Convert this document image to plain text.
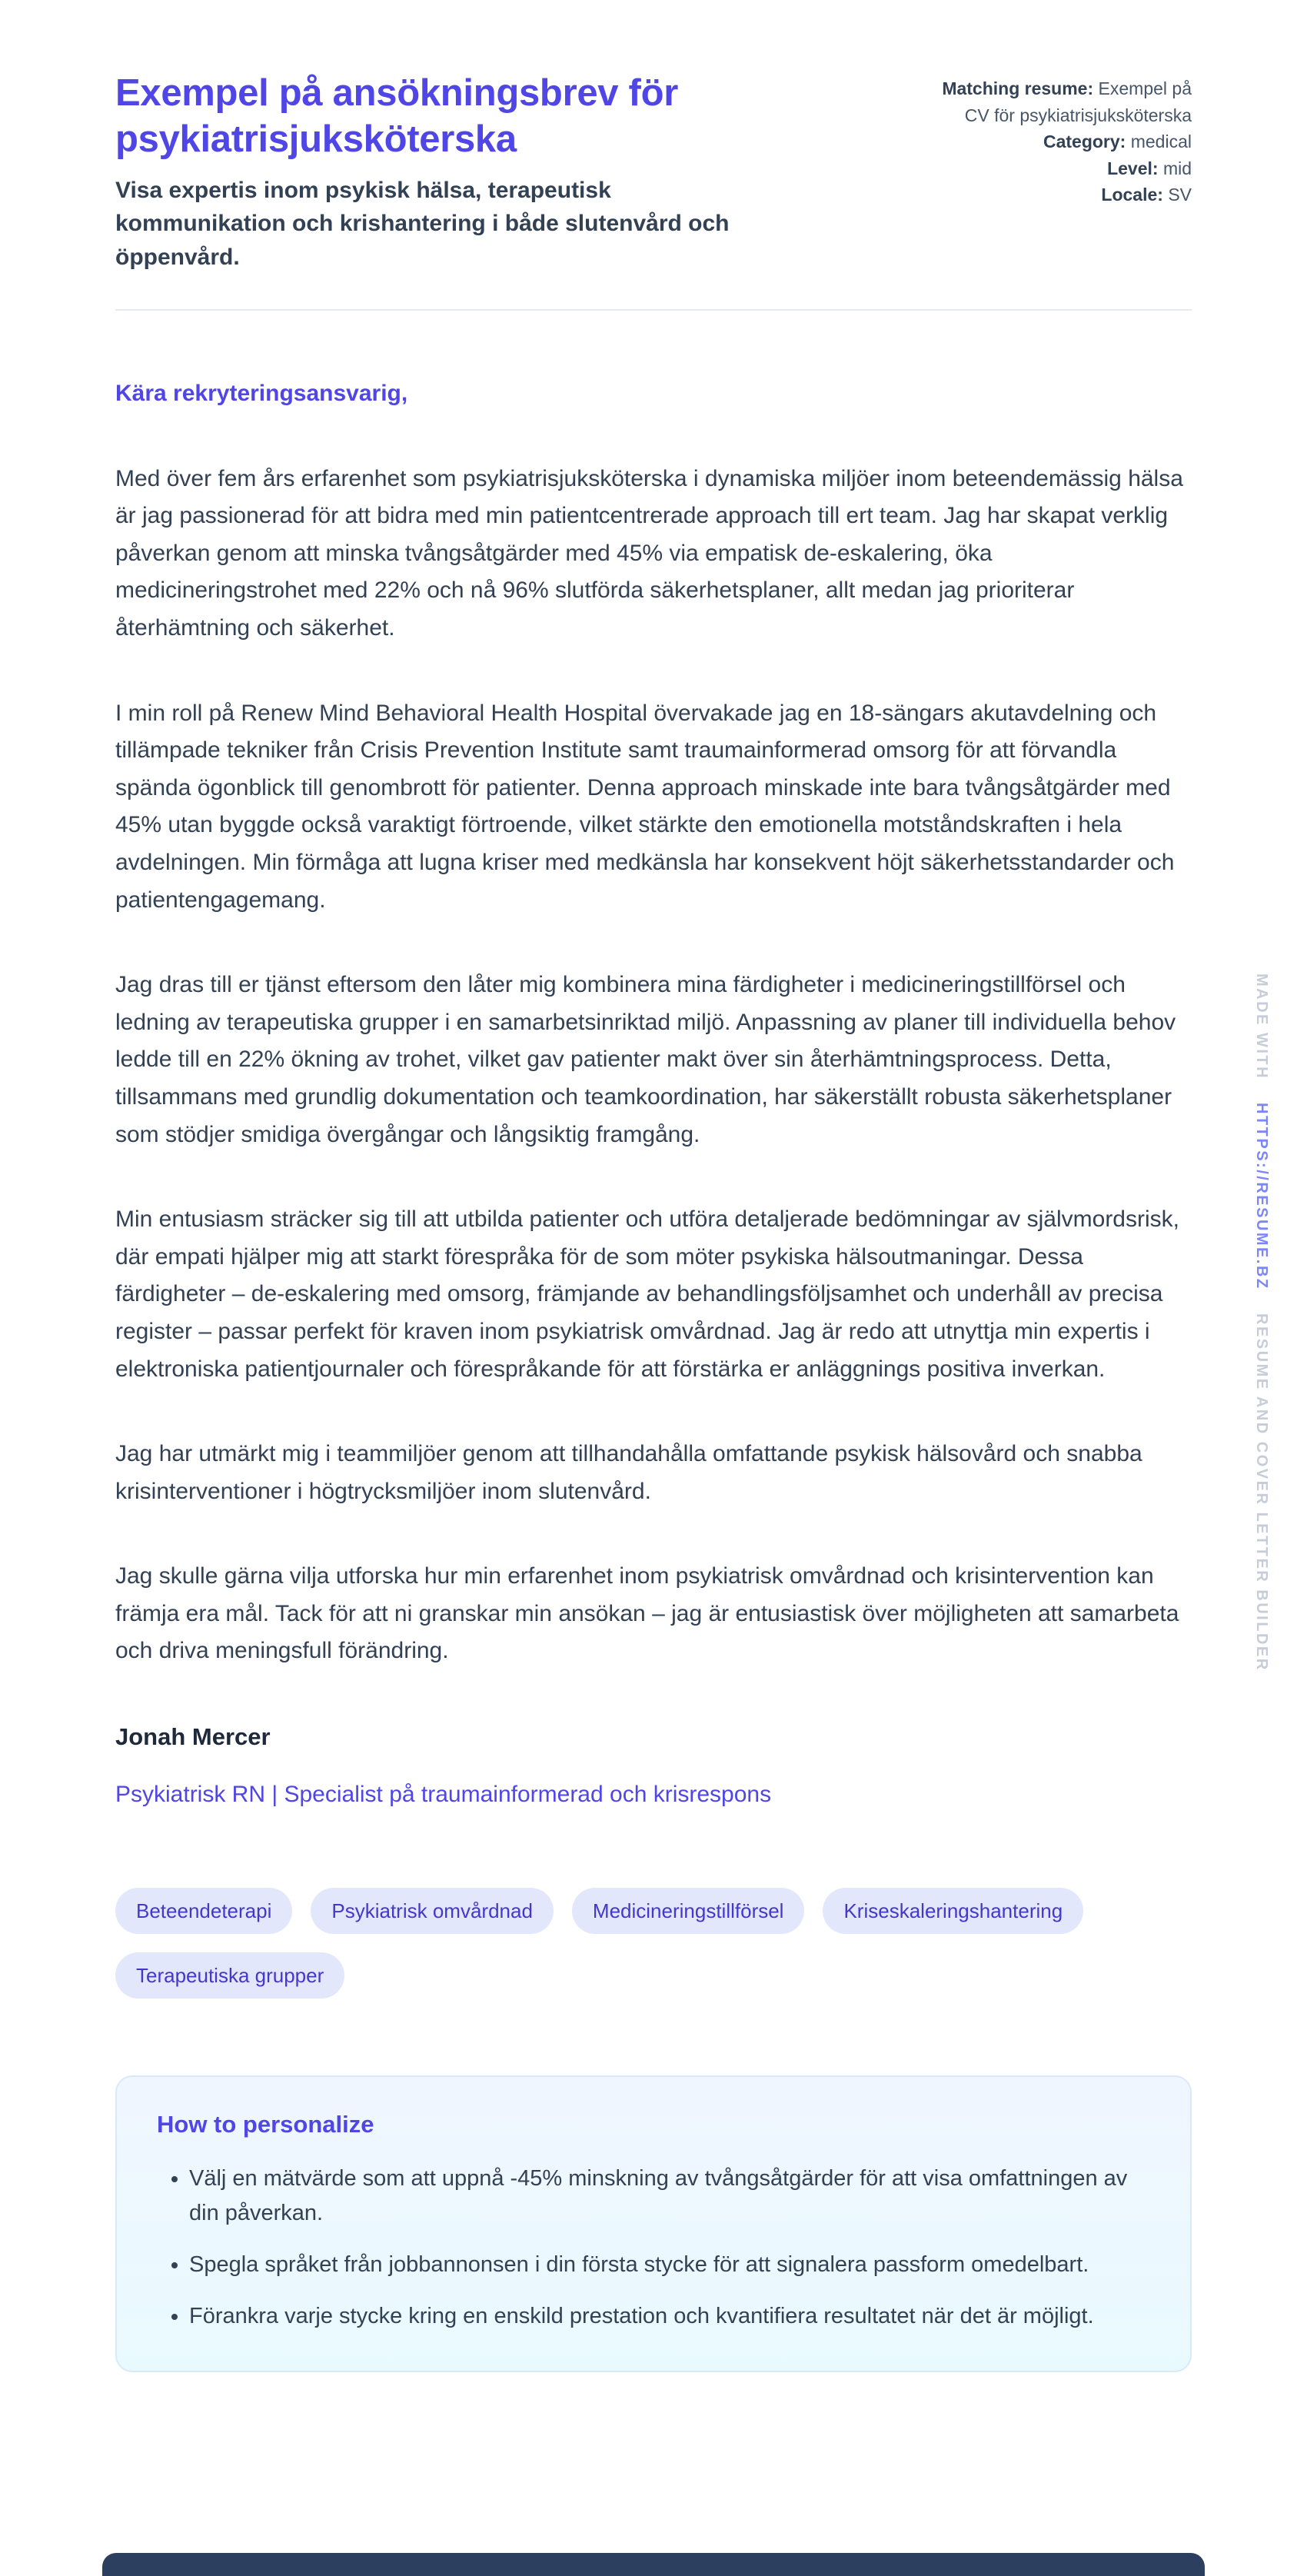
MADE WITH HTTPS://RESUME.BZ RESUME AND COVER LETTER BUILDER
Exempel på ansökningsbrev för psykiatrisjuksköterska

Visa expertis inom psykisk hälsa, terapeutisk kommunikation och krishantering i både slutenvård och öppenvård.

Matching resume: Exempel på CV för psykiatrisjuksköterska
Category: medical
Level: mid
Locale: SV

Kära rekryteringsansvarig,

Med över fem års erfarenhet som psykiatrisjuksköterska i dynamiska miljöer inom beteendemässig hälsa är jag passionerad för att bidra med min patientcentrerade approach till ert team. Jag har skapat verklig påverkan genom att minska tvångsåtgärder med 45% via empatisk de-eskalering, öka medicineringstrohet med 22% och nå 96% slutförda säkerhetsplaner, allt medan jag prioriterar återhämtning och säkerhet.

I min roll på Renew Mind Behavioral Health Hospital övervakade jag en 18-sängars akutavdelning och tillämpade tekniker från Crisis Prevention Institute samt traumainformerad omsorg för att förvandla spända ögonblick till genombrott för patienter. Denna approach minskade inte bara tvångsåtgärder med 45% utan byggde också varaktigt förtroende, vilket stärkte den emotionella motståndskraften i hela avdelningen. Min förmåga att lugna kriser med medkänsla har konsekvent höjt säkerhetsstandarder och patientengagemang.

Jag dras till er tjänst eftersom den låter mig kombinera mina färdigheter i medicineringstillförsel och ledning av terapeutiska grupper i en samarbetsinriktad miljö. Anpassning av planer till individuella behov ledde till en 22% ökning av trohet, vilket gav patienter makt över sin återhämtningsprocess. Detta, tillsammans med grundlig dokumentation och teamkoordination, har säkerställt robusta säkerhetsplaner som stödjer smidiga övergångar och långsiktig framgång.

Min entusiasm sträcker sig till att utbilda patienter och utföra detaljerade bedömningar av självmordsrisk, där empati hjälper mig att starkt förespråka för de som möter psykiska hälsoutmaningar. Dessa färdigheter – de-eskalering med omsorg, främjande av behandlingsföljsamhet och underhåll av precisa register – passar perfekt för kraven inom psykiatrisk omvårdnad. Jag är redo att utnyttja min expertis i elektroniska patientjournaler och förespråkande för att förstärka er anläggnings positiva inverkan.

Jag har utmärkt mig i teammiljöer genom att tillhandahålla omfattande psykisk hälsovård och snabba krisinterventioner i högtrycksmiljöer inom slutenvård.

Jag skulle gärna vilja utforska hur min erfarenhet inom psykiatrisk omvårdnad och krisintervention kan främja era mål. Tack för att ni granskar min ansökan – jag är entusiastisk över möjligheten att samarbeta och driva meningsfull förändring.

Jonah Mercer

Psykiatrisk RN | Specialist på traumainformerad och krisrespons

Beteendeterapi	Psykiatrisk omvårdnad	Medicineringstillförsel	Kriseskaleringshantering
Terapeutiska grupper
How to personalize
• Välj en mätvärde som att uppnå -45% minskning av tvångsåtgärder för att visa omfattningen av din påverkan.
• Spegla språket från jobbannonsen i din första stycke för att signalera passform omedelbart.
• Förankra varje stycke kring en enskild prestation och kvantifiera resultatet när det är möjligt.
